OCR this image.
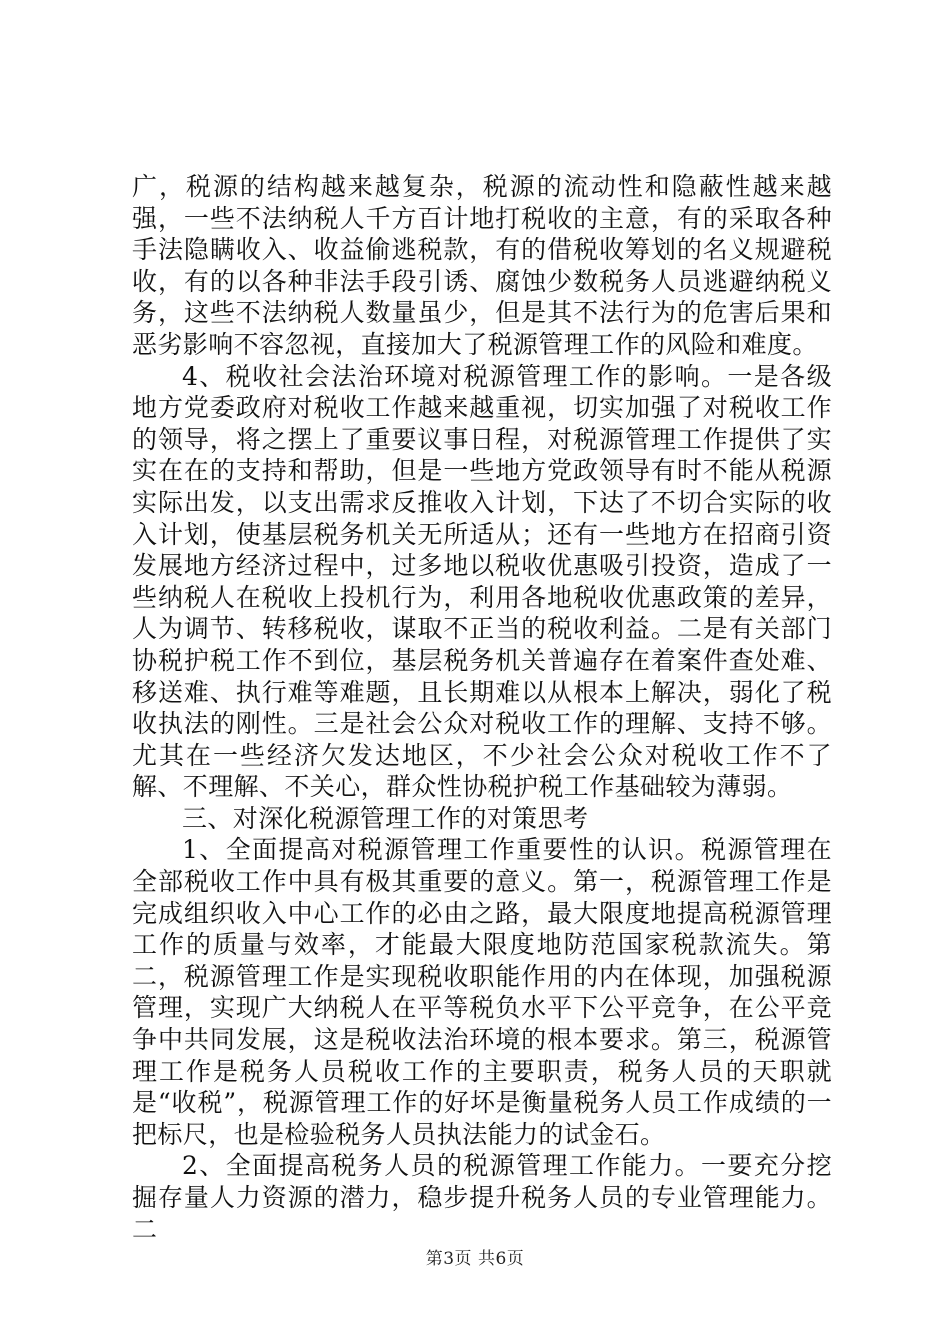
广，税源的结构越来越复杂，税源的流动性和隐蔽性越来越强，一些不法纳税人千方百计地打税收的主意，有的采取各种手法隐瞒收入、收益偷逃税款，有的借税收筹划的名义规避税收，有的以各种非法手段引诱、腐蚀少数税务人员逃避纳税义务，这些不法纳税人数量虽少，但是其不法行为的危害后果和恶劣影响不容忽视，直接加大了税源管理工作的风险和难度。

4、税收社会法治环境对税源管理工作的影响。一是各级地方党委政府对税收工作越来越重视，切实加强了对税收工作的领导，将之摆上了重要议事日程，对税源管理工作提供了实实在在的支持和帮助，但是一些地方党政领导有时不能从税源实际出发，以支出需求反推收入计划，下达了不切合实际的收入计划，使基层税务机关无所适从；还有一些地方在招商引资发展地方经济过程中，过多地以税收优惠吸引投资，造成了一些纳税人在税收上投机行为，利用各地税收优惠政策的差异，人为调节、转移税收，谋取不正当的税收利益。二是有关部门协税护税工作不到位，基层税务机关普遍存在着案件查处难、移送难、执行难等难题，且长期难以从根本上解决，弱化了税收执法的刚性。三是社会公众对税收工作的理解、支持不够。尤其在一些经济欠发达地区，不少社会公众对税收工作不了解、不理解、不关心，群众性协税护税工作基础较为薄弱。

三、对深化税源管理工作的对策思考

1、全面提高对税源管理工作重要性的认识。税源管理在全部税收工作中具有极其重要的意义。第一，税源管理工作是完成组织收入中心工作的必由之路，最大限度地提高税源管理工作的质量与效率，才能最大限度地防范国家税款流失。第二，税源管理工作是实现税收职能作用的内在体现，加强税源管理，实现广大纳税人在平等税负水平下公平竞争，在公平竞争中共同发展，这是税收法治环境的根本要求。第三，税源管理工作是税务人员税收工作的主要职责，税务人员的天职就是“收税”，税源管理工作的好坏是衡量税务人员工作成绩的一把标尺，也是检验税务人员执法能力的试金石。

2、全面提高税务人员的税源管理工作能力。一要充分挖掘存量人力资源的潜力，稳步提升税务人员的专业管理能力。二

第3页 共6页
